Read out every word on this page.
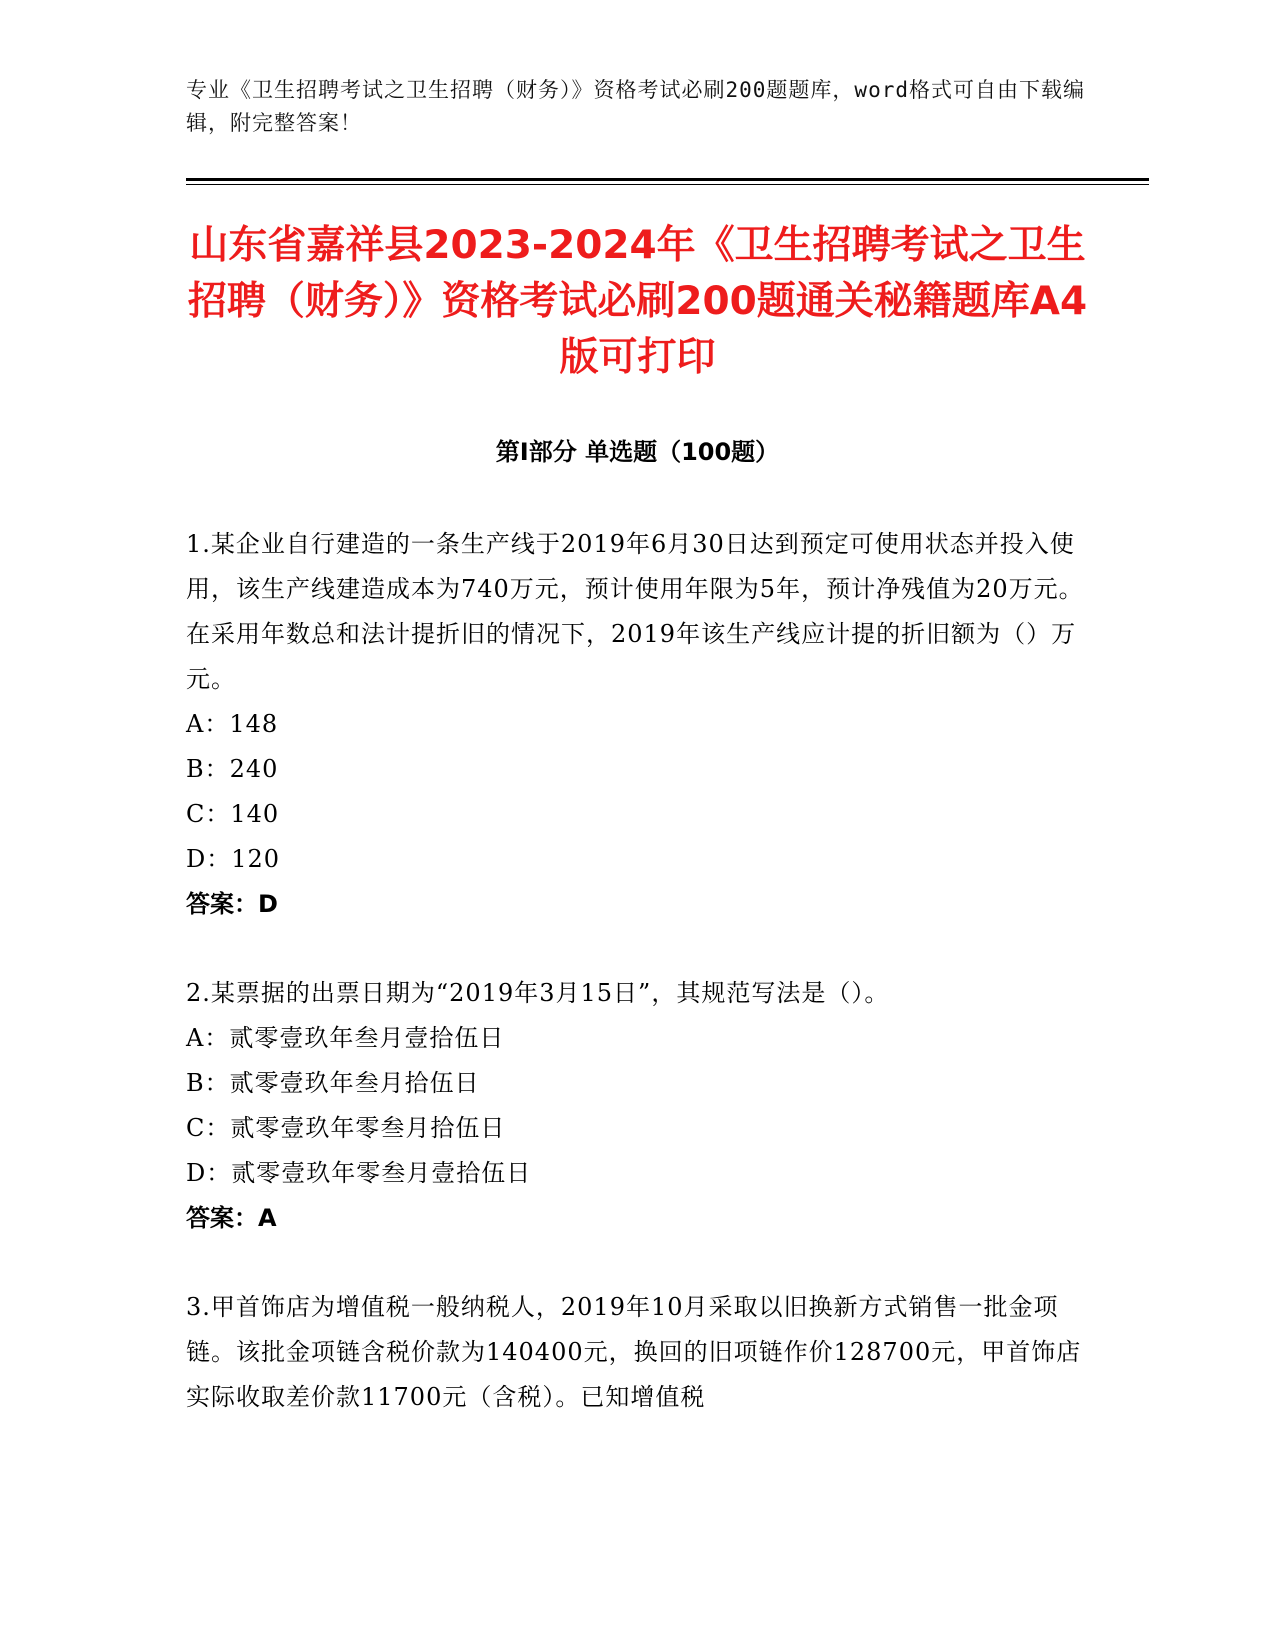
专业《卫生招聘考试之卫生招聘（财务）》资格考试必刷200题题库，word格式可自由下载编辑，附完整答案！
山东省嘉祥县2023-2024年《卫生招聘考试之卫生招聘（财务）》资格考试必刷200题通关秘籍题库A4版可打印
第Ⅰ部分 单选题（100题）

1.某企业自行建造的一条生产线于2019年6月30日达到预定可使用状态并投入使用，该生产线建造成本为740万元，预计使用年限为5年，预计净残值为20万元。在采用年数总和法计提折旧的情况下，2019年该生产线应计提的折旧额为（）万元。

A：148

B：240

C：140

D：120

答案：D

2.某票据的出票日期为“2019年3月15日”，其规范写法是（）。

A：贰零壹玖年叁月壹拾伍日

B：贰零壹玖年叁月拾伍日

C：贰零壹玖年零叁月拾伍日

D：贰零壹玖年零叁月壹拾伍日

答案：A

3.甲首饰店为增值税一般纳税人，2019年10月采取以旧换新方式销售一批金项链。该批金项链含税价款为140400元，换回的旧项链作价128700元，甲首饰店实际收取差价款11700元（含税）。已知增值税
